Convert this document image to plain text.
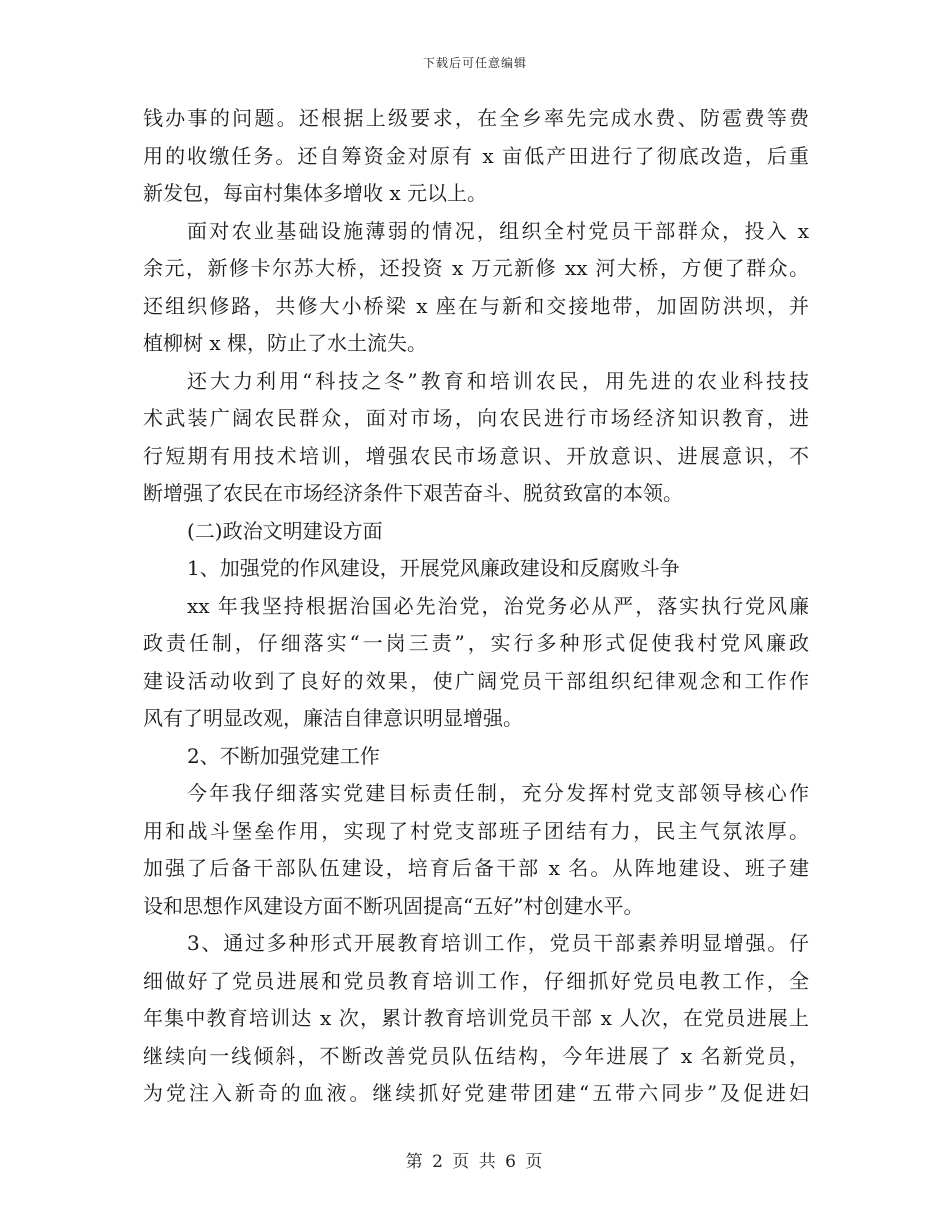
下载后可任意编辑
钱办事的问题。还根据上级要求，在全乡率先完成水费、防雹费等费
用的收缴任务。还自筹资金对原有 x 亩低产田进行了彻底改造，后重
新发包，每亩村集体多增收 x 元以上。
面对农业基础设施薄弱的情况，组织全村党员干部群众，投入 x
余元，新修卡尔苏大桥，还投资 x 万元新修 xx 河大桥，方便了群众。
还组织修路，共修大小桥梁 x 座在与新和交接地带，加固防洪坝，并
植柳树 x 棵，防止了水土流失。
还大力利用“科技之冬”教育和培训农民，用先进的农业科技技
术武装广阔农民群众，面对市场，向农民进行市场经济知识教育，进
行短期有用技术培训，增强农民市场意识、开放意识、进展意识，不
断增强了农民在市场经济条件下艰苦奋斗、脱贫致富的本领。
(二)政治文明建设方面
1、加强党的作风建设，开展党风廉政建设和反腐败斗争
xx 年我坚持根据治国必先治党，治党务必从严，落实执行党风廉
政责任制，仔细落实“一岗三责”，实行多种形式促使我村党风廉政
建设活动收到了良好的效果，使广阔党员干部组织纪律观念和工作作
风有了明显改观，廉洁自律意识明显增强。
2、不断加强党建工作
今年我仔细落实党建目标责任制，充分发挥村党支部领导核心作
用和战斗堡垒作用，实现了村党支部班子团结有力，民主气氛浓厚。
加强了后备干部队伍建设，培育后备干部 x 名。从阵地建设、班子建
设和思想作风建设方面不断巩固提高“五好”村创建水平。
3、通过多种形式开展教育培训工作，党员干部素养明显增强。仔
细做好了党员进展和党员教育培训工作，仔细抓好党员电教工作，全
年集中教育培训达 x 次，累计教育培训党员干部 x 人次，在党员进展上
继续向一线倾斜，不断改善党员队伍结构，今年进展了 x 名新党员，
为党注入新奇的血液。继续抓好党建带团建“五带六同步”及促进妇
第 2 页 共 6 页
